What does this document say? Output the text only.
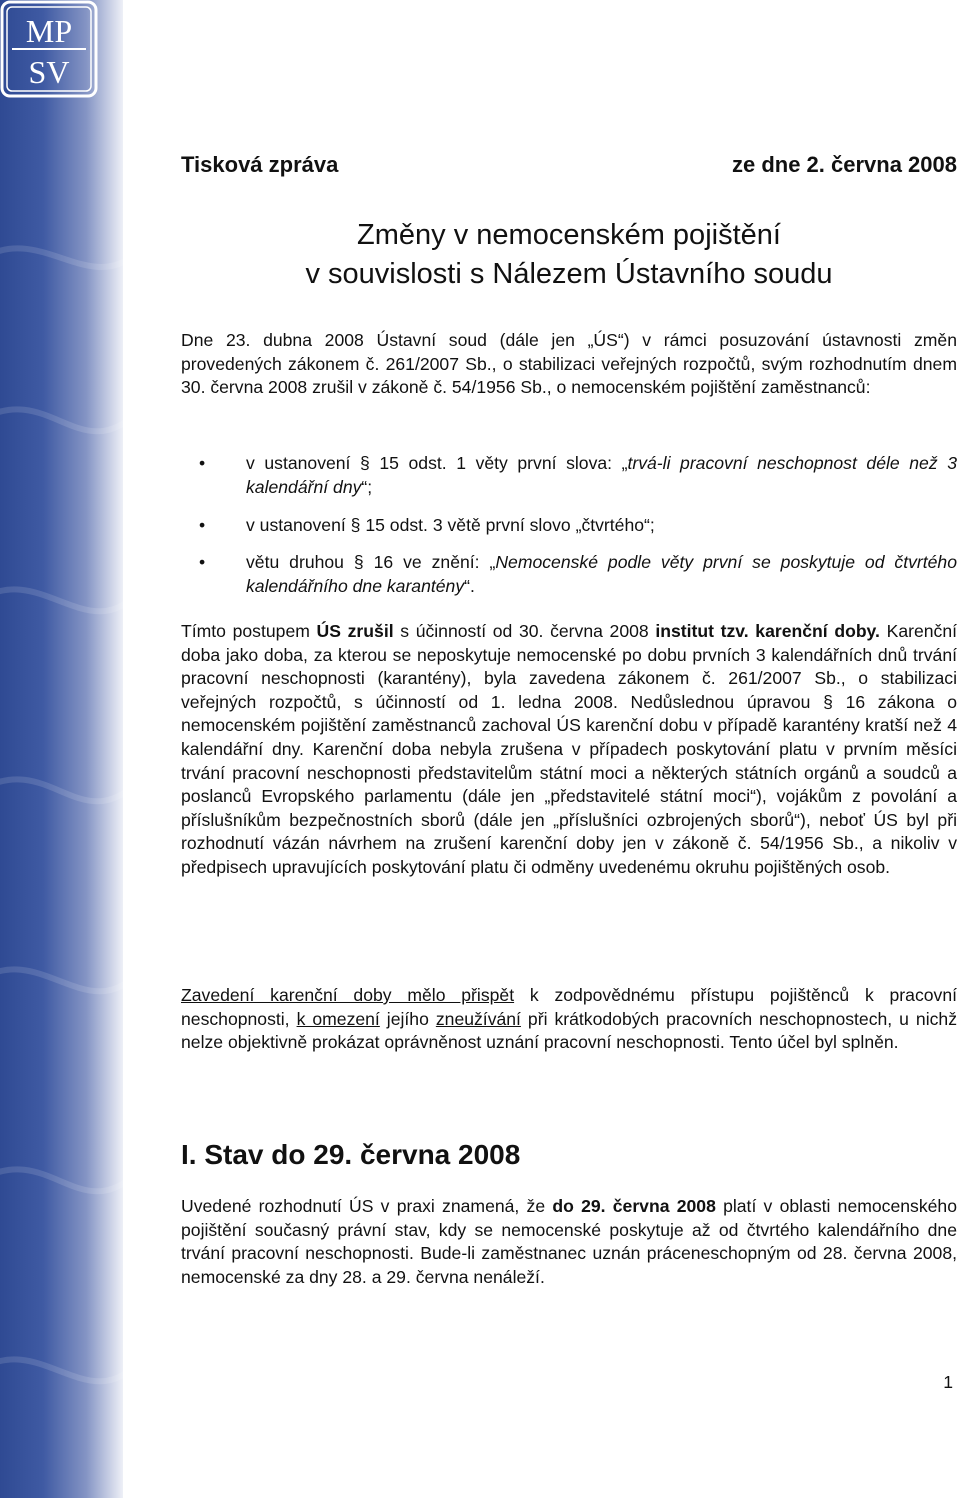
MP
SV
Tisková zpráva	ze dne 2. června 2008
Změny v nemocenském pojištění
v souvislosti s Nálezem Ústavního soudu

Dne 23. dubna 2008 Ústavní soud (dále jen „ÚS“) v rámci posuzování ústavnosti změn provedených zákonem č. 261/2007 Sb., o stabilizaci veřejných rozpočtů, svým rozhodnutím dnem 30. června 2008 zrušil v zákoně č. 54/1956 Sb., o nemocenském pojištění zaměstnanců:

• v ustanovení § 15 odst. 1 věty první slova: „trvá-li pracovní neschopnost déle než 3 kalendářní dny“;
• v ustanovení § 15 odst. 3 větě první slovo „čtvrtého“;
• větu druhou § 16 ve znění: „Nemocenské podle věty první se poskytuje od čtvrtého kalendářního dne karantény“.

Tímto postupem ÚS zrušil s účinností od 30. června 2008 institut tzv. karenční doby. Karenční doba jako doba, za kterou se neposkytuje nemocenské po dobu prvních 3 kalendářních dnů trvání pracovní neschopnosti (karantény), byla zavedena zákonem č. 261/2007 Sb., o stabilizaci veřejných rozpočtů, s účinností od 1. ledna 2008. Nedůslednou úpravou § 16 zákona o nemocenském pojištění zaměstnanců zachoval ÚS karenční dobu v případě karantény kratší než 4 kalendářní dny. Karenční doba nebyla zrušena v případech poskytování platu v prvním měsíci trvání pracovní neschopnosti představitelům státní moci a některých státních orgánů a soudců a poslanců Evropského parlamentu (dále jen „představitelé státní moci“), vojákům z povolání a příslušníkům bezpečnostních sborů (dále jen „příslušníci ozbrojených sborů“), neboť ÚS byl při rozhodnutí vázán návrhem na zrušení karenční doby jen v zákoně č. 54/1956 Sb., a nikoliv v předpisech upravujících poskytování platu či odměny uvedenému okruhu pojištěných osob.

Zavedení karenční doby mělo přispět k zodpovědnému přístupu pojištěnců k pracovní neschopnosti, k omezení jejího zneužívání při krátkodobých pracovních neschopnostech, u nichž nelze objektivně prokázat oprávněnost uznání pracovní neschopnosti. Tento účel byl splněn.

I. Stav do 29. června 2008

Uvedené rozhodnutí ÚS v praxi znamená, že do 29. června 2008 platí v oblasti nemocenského pojištění současný právní stav, kdy se nemocenské poskytuje až od čtvrtého kalendářního dne trvání pracovní neschopnosti. Bude-li zaměstnanec uznán práceneschopným od 28. června 2008, nemocenské za dny 28. a 29. června nenáleží.

1
